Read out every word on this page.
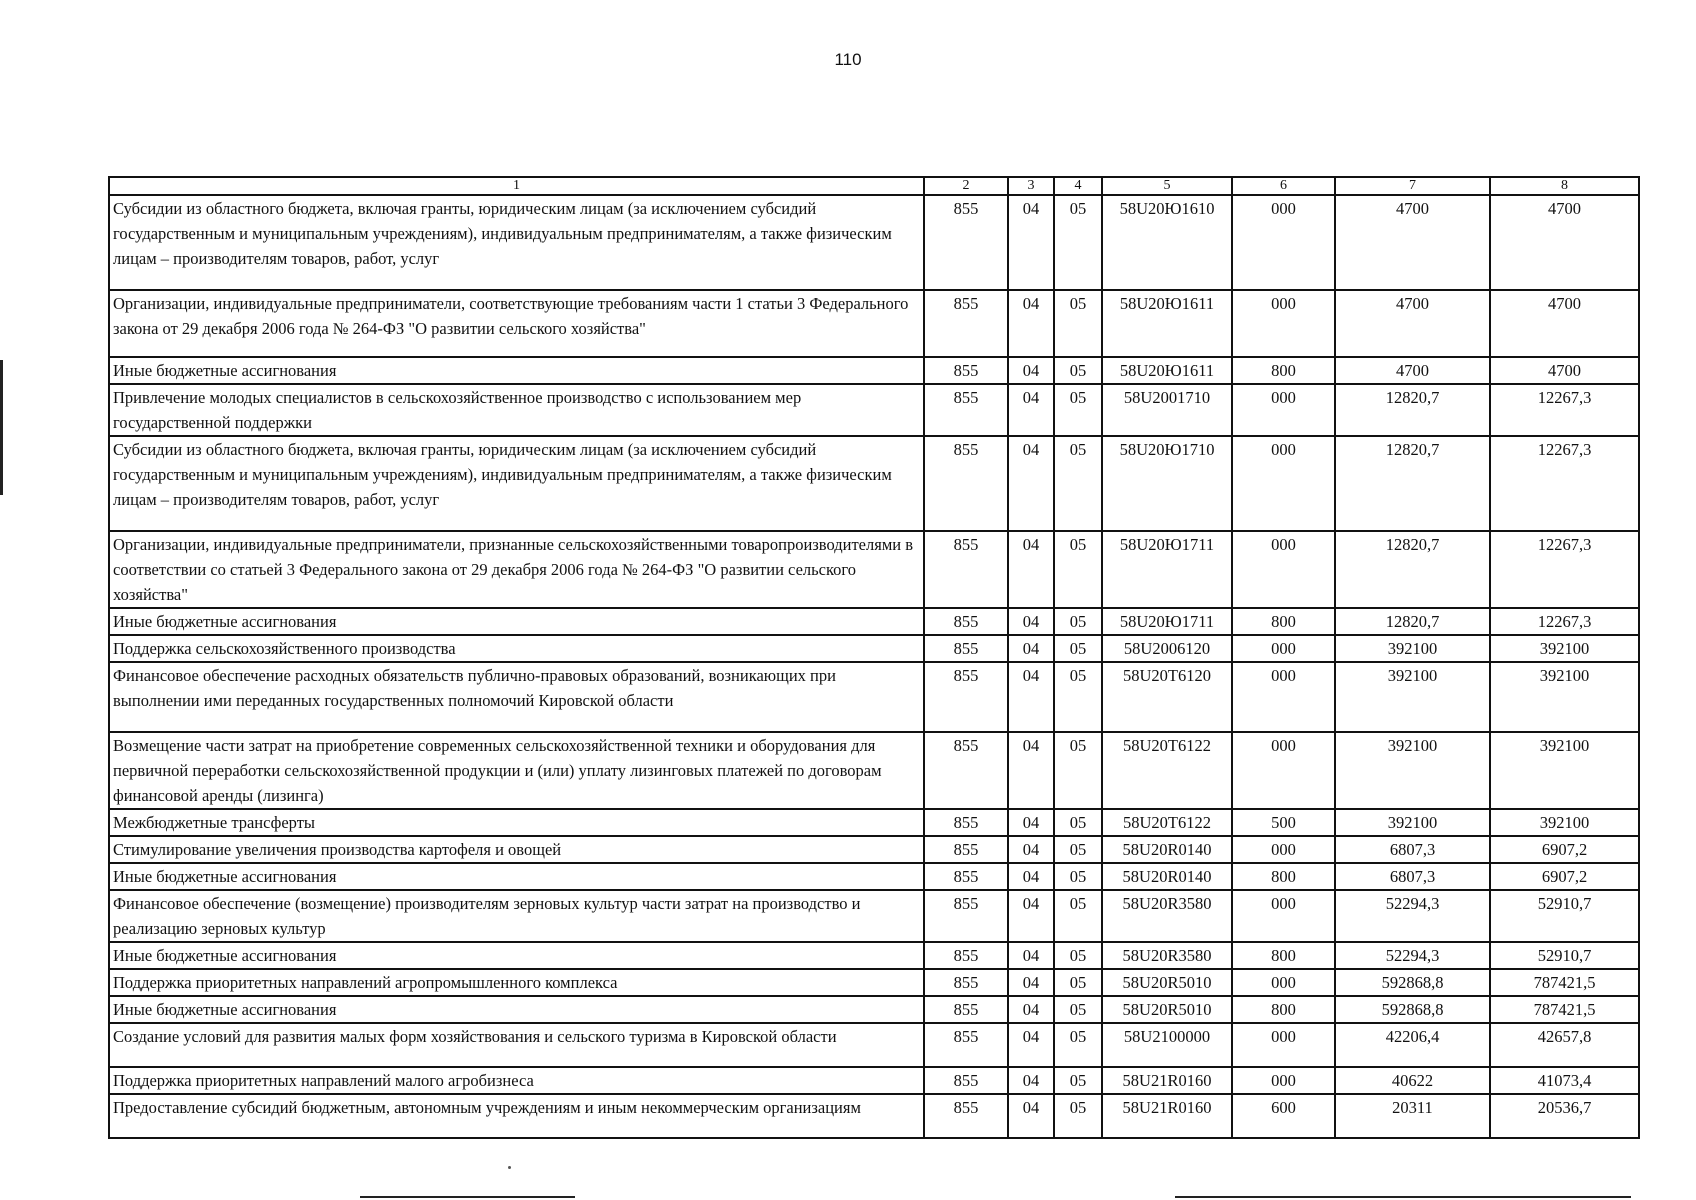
110
1	2	3	4	5	6	7	8
Субсидии из областного бюджета, включая гранты, юридическим лицам (за исключением субсидий государственным и муниципальным учреждениям), индивидуальным предпринимателям, а также физическим лицам – производителям товаров, работ, услуг	855	04	05	58U20Ю1610	000	4700	4700
Организации, индивидуальные предприниматели, соответствующие требованиям части 1 статьи 3 Федерального закона от 29 декабря 2006 года № 264-ФЗ "О развитии сельского хозяйства"	855	04	05	58U20Ю1611	000	4700	4700
Иные бюджетные ассигнования	855	04	05	58U20Ю1611	800	4700	4700
Привлечение молодых специалистов в сельскохозяйственное производство с использованием мер государственной поддержки	855	04	05	58U2001710	000	12820,7	12267,3
Субсидии из областного бюджета, включая гранты, юридическим лицам (за исключением субсидий государственным и муниципальным учреждениям), индивидуальным предпринимателям, а также физическим лицам – производителям товаров, работ, услуг	855	04	05	58U20Ю1710	000	12820,7	12267,3
Организации, индивидуальные предприниматели, признанные сельскохозяйственными товаропроизводителями в соответствии со статьей 3 Федерального закона от 29 декабря 2006 года № 264-ФЗ "О развитии сельского хозяйства"	855	04	05	58U20Ю1711	000	12820,7	12267,3
Иные бюджетные ассигнования	855	04	05	58U20Ю1711	800	12820,7	12267,3
Поддержка сельскохозяйственного производства	855	04	05	58U2006120	000	392100	392100
Финансовое обеспечение расходных обязательств публично-правовых образований, возникающих при выполнении ими переданных государственных полномочий Кировской области	855	04	05	58U20Т6120	000	392100	392100
Возмещение части затрат на приобретение современных сельскохозяйственной техники и оборудования для первичной переработки сельскохозяйственной продукции и (или) уплату лизинговых платежей по договорам финансовой аренды (лизинга)	855	04	05	58U20Т6122	000	392100	392100
Межбюджетные трансферты	855	04	05	58U20Т6122	500	392100	392100
Стимулирование увеличения производства картофеля и овощей	855	04	05	58U20R0140	000	6807,3	6907,2
Иные бюджетные ассигнования	855	04	05	58U20R0140	800	6807,3	6907,2
Финансовое обеспечение (возмещение) производителям зерновых культур части затрат на производство и реализацию зерновых культур	855	04	05	58U20R3580	000	52294,3	52910,7
Иные бюджетные ассигнования	855	04	05	58U20R3580	800	52294,3	52910,7
Поддержка приоритетных направлений агропромышленного комплекса	855	04	05	58U20R5010	000	592868,8	787421,5
Иные бюджетные ассигнования	855	04	05	58U20R5010	800	592868,8	787421,5
Создание условий для развития малых форм хозяйствования и сельского туризма в Кировской области	855	04	05	58U2100000	000	42206,4	42657,8
Поддержка приоритетных направлений малого агробизнеса	855	04	05	58U21R0160	000	40622	41073,4
Предоставление субсидий бюджетным, автономным учреждениям и иным некоммерческим организациям	855	04	05	58U21R0160	600	20311	20536,7
